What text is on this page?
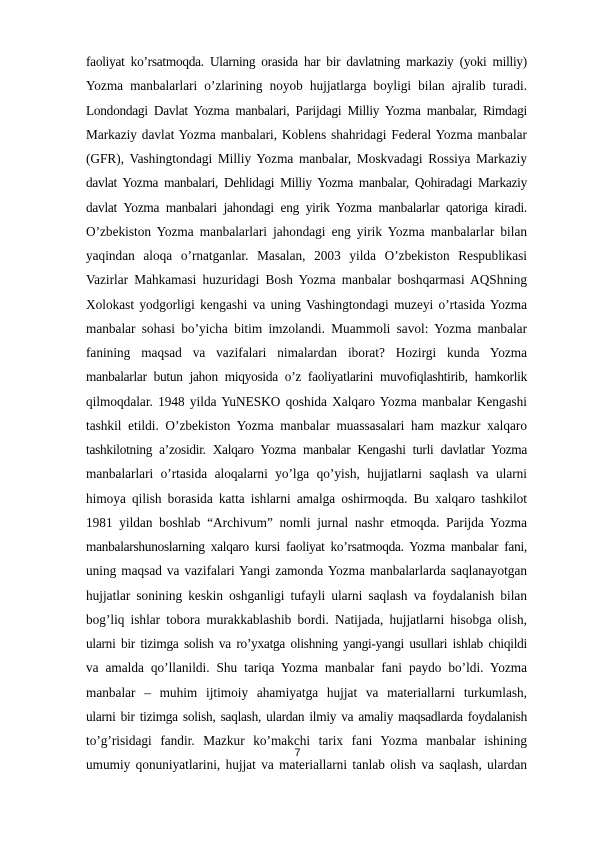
faoliyat ko’rsatmoqda. Ularning orasida har bir davlatning markaziy (yoki milliy)
Yozma manbalarlari o’zlarining noyob hujjatlarga boyligi bilan ajralib turadi.
Londondagi Davlat Yozma manbalari, Parijdagi Milliy Yozma manbalar, Rimdagi
Markaziy davlat Yozma manbalari, Koblens shahridagi Federal Yozma manbalar
(GFR), Vashingtondagi Milliy Yozma manbalar, Moskvadagi Rossiya Markaziy
davlat Yozma manbalari, Dehlidagi Milliy Yozma manbalar, Qohiradagi Markaziy
davlat Yozma manbalari jahondagi eng yirik Yozma manbalarlar qatoriga kiradi.
O’zbekiston Yozma manbalarlari jahondagi eng yirik Yozma manbalarlar bilan
yaqindan aloqa o’rnatganlar. Masalan, 2003 yilda O’zbekiston Respublikasi
Vazirlar Mahkamasi huzuridagi Bosh Yozma manbalar boshqarmasi AQShning
Xolokast yodgorligi kengashi va uning Vashingtondagi muzeyi o’rtasida Yozma
manbalar sohasi bo’yicha bitim imzolandi. Muammoli savol: Yozma manbalar
fanining maqsad va vazifalari nimalardan iborat? Hozirgi kunda Yozma
manbalarlar butun jahon miqyosida o’z faoliyatlarini muvofiqlashtirib, hamkorlik
qilmoqdalar. 1948 yilda YuNESKO qoshida Xalqaro Yozma manbalar Kengashi
tashkil etildi. O’zbekiston Yozma manbalar muassasalari ham mazkur xalqaro
tashkilotning a’zosidir. Xalqaro Yozma manbalar Kengashi turli davlatlar Yozma
manbalarlari o’rtasida aloqalarni yo’lga qo’yish, hujjatlarni saqlash va ularni
himoya qilish borasida katta ishlarni amalga oshirmoqda. Bu xalqaro tashkilot
1981 yildan boshlab “Archivum” nomli jurnal nashr etmoqda. Parijda Yozma
manbalarshunoslarning xalqaro kursi faoliyat ko’rsatmoqda. Yozma manbalar fani,
uning maqsad va vazifalari Yangi zamonda Yozma manbalarlarda saqlanayotgan
hujjatlar sonining keskin oshganligi tufayli ularni saqlash va foydalanish bilan
bog’liq ishlar tobora murakkablashib bordi. Natijada, hujjatlarni hisobga olish,
ularni bir tizimga solish va ro’yxatga olishning yangi-yangi usullari ishlab chiqildi
va amalda qo’llanildi. Shu tariqa Yozma manbalar fani paydo bo’ldi. Yozma
manbalar – muhim ijtimoiy ahamiyatga hujjat va materiallarni turkumlash,
ularni bir tizimga solish, saqlash, ulardan ilmiy va amaliy maqsadlarda foydalanish
to’g’risidagi fandir. Mazkur ko’makchi tarix fani Yozma manbalar ishining
umumiy qonuniyatlarini, hujjat va materiallarni tanlab olish va saqlash, ulardan
7
